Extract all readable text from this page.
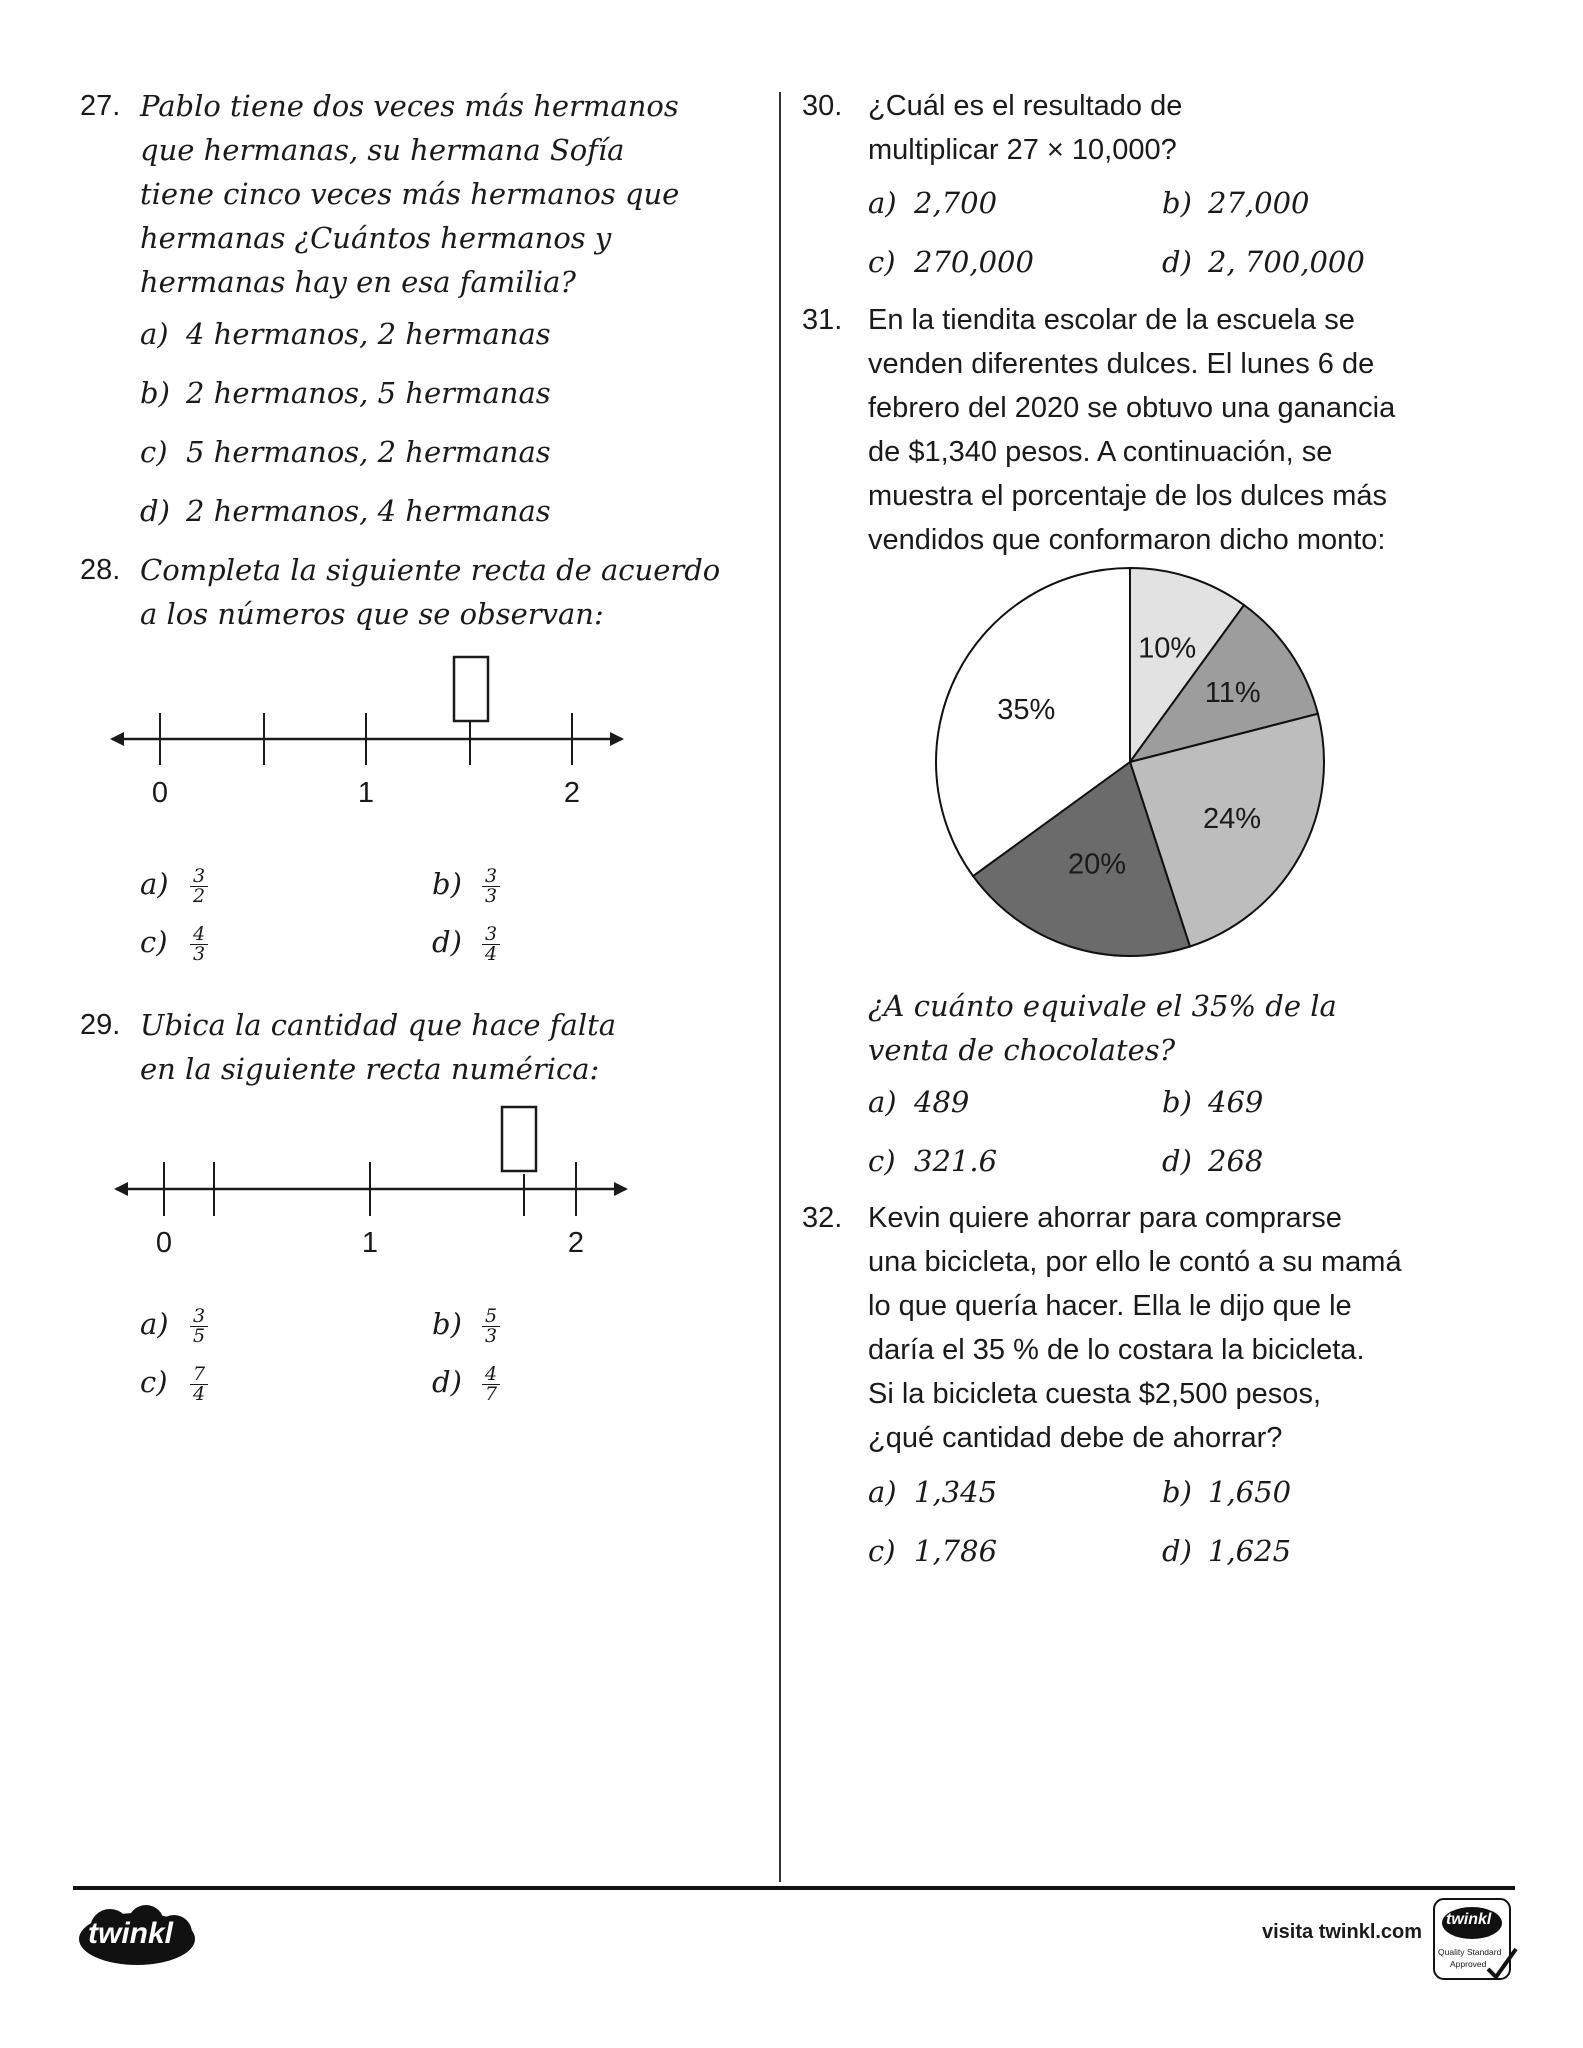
27. Pablo tiene dos veces más hermanos
que hermanas, su hermana Sofía
tiene cinco veces más hermanos que
hermanas ¿Cuántos hermanos y
hermanas hay en esa familia?
a) 4 hermanos, 2 hermanas
b) 2 hermanos, 5 hermanas
c) 5 hermanos, 2 hermanas
d) 2 hermanos, 4 hermanas
28. Completa la siguiente recta de acuerdo
a los números que se observan:
0	1	2
$a) \frac{3}{2}$	$b) \frac{3}{3}$
$c) \frac{4}{3}$	$d) \frac{3}{4}$
29. Ubica la cantidad que hace falta
en la siguiente recta numérica:
0	1	2
$a) \frac{3}{5}$	$b) \frac{5}{3}$
$c) \frac{7}{4}$	$d) \frac{4}{7}$
30. ¿Cuál es el resultado de
multiplicar 27 × 10,000?
a) 2,700	b) 27,000
c) 270,000	d) 2, 700,000
31. En la tiendita escolar de la escuela se
venden diferentes dulces. El lunes 6 de
febrero del 2020 se obtuvo una ganancia
de $1,340 pesos. A continuación, se
muestra el porcentaje de los dulces más
vendidos que conformaron dicho monto:
10%
11%
24%
20%
35%
¿A cuánto equivale el 35% de la
venta de chocolates?
a) 489	b) 469
c) 321.6	d) 268
32. Kevin quiere ahorrar para comprarse
una bicicleta, por ello le contó a su mamá
lo que quería hacer. Ella le dijo que le
daría el 35 % de lo costara la bicicleta.
Si la bicicleta cuesta $2,500 pesos,
¿qué cantidad debe de ahorrar?
a) 1,345	b) 1,650
c) 1,786	d) 1,625
twinkl	visita twinkl.com
twinkl
Quality Standard
Approved
